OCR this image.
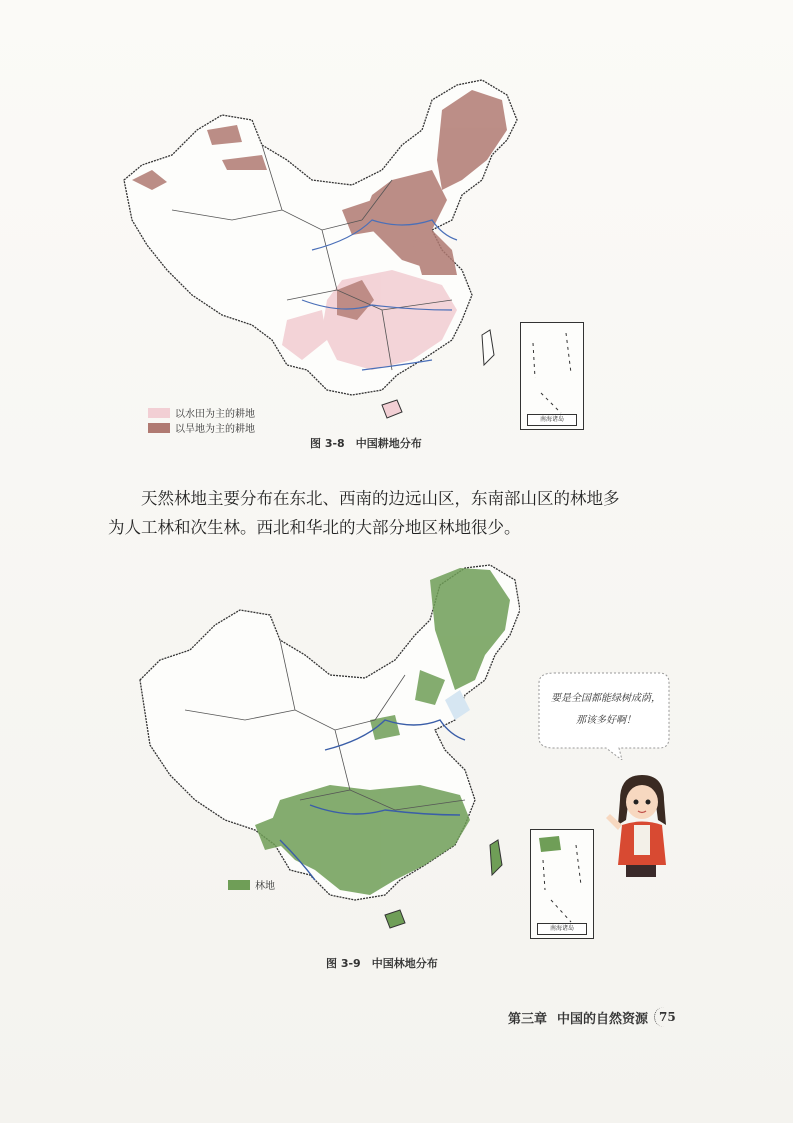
南海诸岛
以水田为主的耕地
以旱地为主的耕地
图 3-8　中国耕地分布

天然林地主要分布在东北、西南的边远山区，东南部山区的林地多为人工林和次生林。西北和华北的大部分地区林地很少。

南海诸岛
林地
图 3-9　中国林地分布
要是全国都能绿树成荫，那该多好啊！
第三章 中国的自然资源 75
